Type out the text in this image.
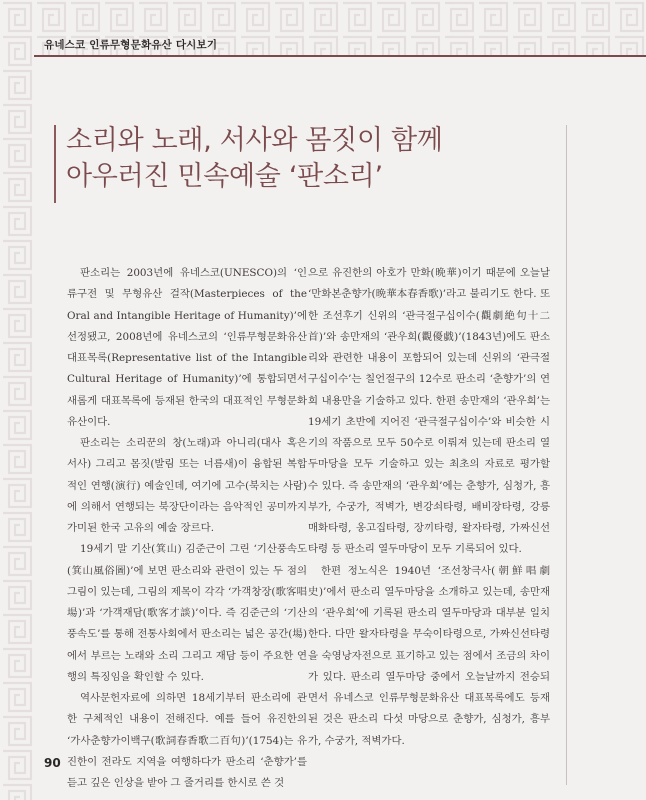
유네스코 인류무형문화유산 다시보기
소리와 노래, 서사와 몸짓이 함께
아우러진 민속예술 ‘판소리’

판소리는 2003년에 유네스코(UNESCO)의 ‘인류구전 및 무형유산 걸작(Masterpieces of the Oral and Intangible Heritage of Humanity)’에 선정됐고, 2008년에 유네스코의 ‘인류무형문화유산 대표목록(Representative list of the Intangible Cultural Heritage of Humanity)’에 통합되면서 새롭게 대표목록에 등재된 한국의 대표적인 무형문화유산이다.

판소리는 소리꾼의 창(노래)과 아니리(대사 혹은 서사) 그리고 몸짓(발림 또는 너름새)이 융합된 복합적인 연행(演行) 예술인데, 여기에 고수(북치는 사람)에 의해서 연행되는 북장단이라는 음악적인 공미까지 가미된 한국 고유의 예술 장르다.

19세기 말 기산(箕山) 김준근이 그린 ‘기산풍속도(箕山風俗圖)’에 보면 판소리와 관련이 있는 두 점의 그림이 있는데, 그림의 제목이 각각 ‘가객창장(歌客唱場)’과 ‘가객재담(歌客才談)’이다. 즉 김준근의 ‘기산풍속도’를 통해 전통사회에서 판소리는 넓은 공간(場)에서 부르는 노래와 소리 그리고 재담 등이 주요한 연행의 특징임을 확인할 수 있다.

역사문헌자료에 의하면 18세기부터 판소리에 관한 구체적인 내용이 전해진다. 예를 들어 유진한의 ‘가사춘향가이백구(歌詞春香歌二百句)’(1754)는 유진한이 전라도 지역을 여행하다가 판소리 ‘춘향가’를 듣고 깊은 인상을 받아 그 줄거리를 한시로 쓴 것

으로 유진한의 아호가 만화(晩華)이기 때문에 오늘날 ‘만화본춘향가(晩華本春香歌)’라고 불리기도 한다. 또한 조선후기 신위의 ‘관극절구십이수(觀劇絶句十二首)’와 송만재의 ‘관우희(觀優戱)’(1843년)에도 판소리와 관련한 내용이 포함되어 있는데 신위의 ‘관극절구십이수’는 칠언절구의 12수로 판소리 ‘춘향가’의 연희 내용만을 기술하고 있다. 한편 송만재의 ‘관우희’는 19세기 초반에 지어진 ‘관극절구십이수’와 비슷한 시기의 작품으로 모두 50수로 이뤄져 있는데 판소리 열두마당을 모두 기술하고 있는 최초의 자료로 평가할 수 있다. 즉 송만재의 ‘관우희’에는 춘향가, 심청가, 흥부가, 수궁가, 적벽가, 변강쇠타령, 배비장타령, 강릉매화타령, 옹고집타령, 장끼타령, 왈자타령, 가짜신선타령 등 판소리 열두마당이 모두 기록되어 있다.

한편 정노식은 1940년 ‘조선창극사(朝鮮唱劇史)’에서 판소리 열두마당을 소개하고 있는데, 송만재의 ‘관우희’에 기록된 판소리 열두마당과 대부분 일치한다. 다만 왈자타령을 무숙이타령으로, 가짜신선타령을 숙영낭자전으로 표기하고 있는 점에서 조금의 차이가 있다. 판소리 열두마당 중에서 오늘날까지 전승되면서 유네스코 인류무형문화유산 대표목록에도 등재된 것은 판소리 다섯 마당으로 춘향가, 심청가, 흥부가, 수궁가, 적벽가다.

90
